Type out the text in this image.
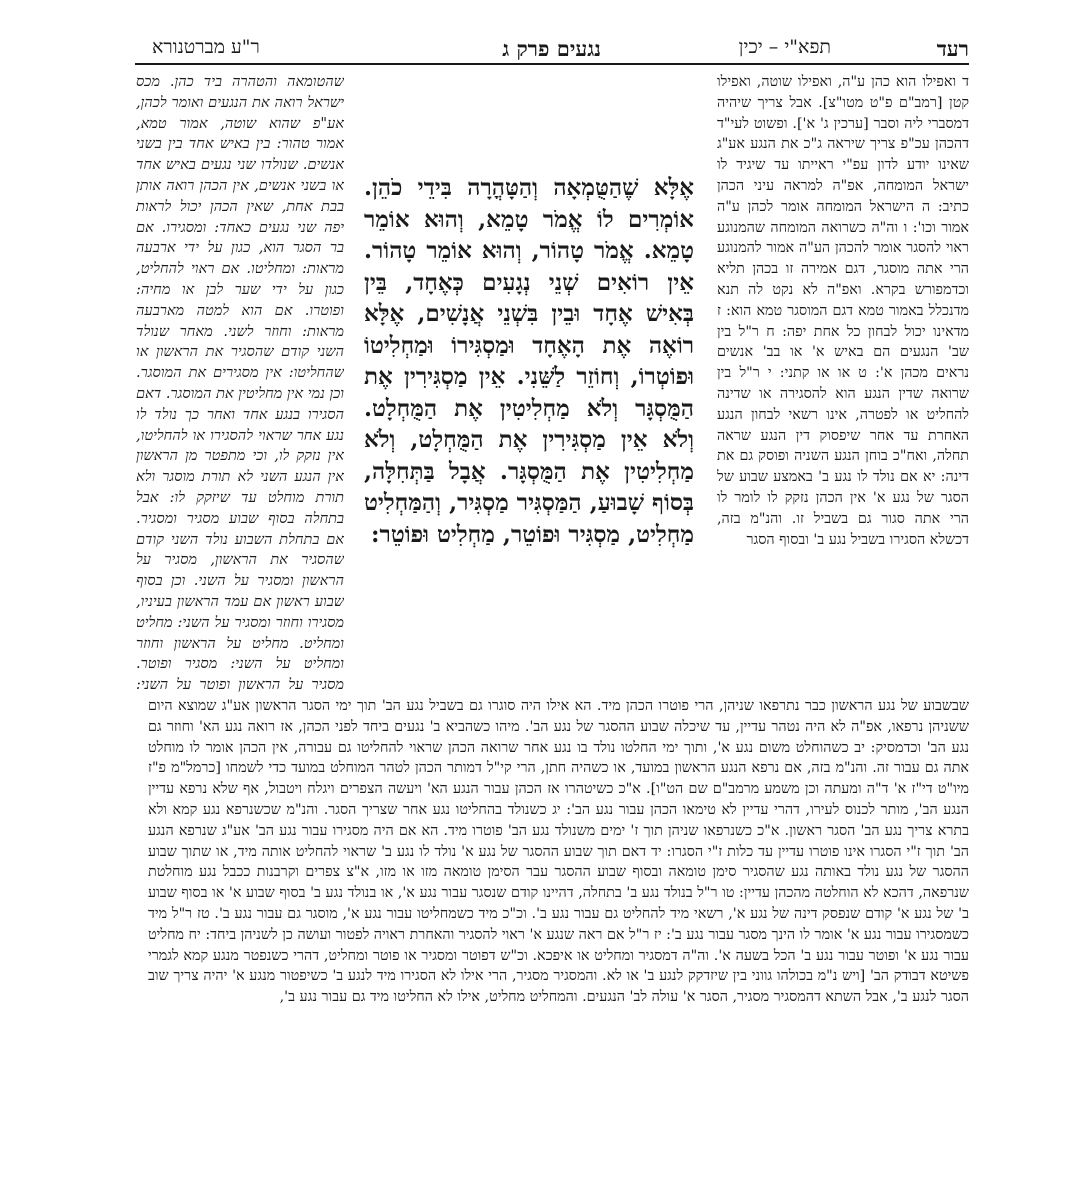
רעד
תפא"י – יכין
נגעים פרק ג
ר"ע מברטנורא

ד ואפילו הוא כהן ע"ה, ואפילו שוטה, ואפילו קטן [רמב"ם פ"ט מטו"צ]. אבל צריך שיהיה דמסברי ליה וסבר [ערכין ג' א']. ופשוט לעי"ד דהכהן עכ"פ צריך שיראה ג"כ את הנגע אע"ג שאינו יודע לדון עפ"י ראייתו עד שיגיד לו ישראל המומחה, אפ"ה למראה עיני הכהן כתיב: ה הישראל המומחה אומר לכהן ע"ה אמור וכו': ו וה"ה כשרואה המומחה שהמנוגע ראוי להסגר אומר להכהן הע"ה אמור להמנוגע הרי אתה מוסגר, דגם אמירה זו בכהן תליא וכדמפורש בקרא. ואפ"ה לא נקט לה תנא מדנכלל באמור טמא דגם המוסגר טמא הוא: ז מדאינו יכול לבחון כל אחת יפה: ח ר"ל בין שב' הנגעים הם באיש א' או בב' אנשים נראים מכהן א': ט או או קתני: י ר"ל בין שרואה שדין הנגע הוא להסגירה או שדינה להחליט או לפטרה, אינו רשאי לבחון הנגע האחרת עד אחר שיפסוק דין הנגע שראה תחלה, ואח"כ בוחן הנגע השניה ופוסק גם את דינה: יא אם נולד לו נגע ב' באמצע שבוע של הסגר של נגע א' אין הכהן נזקק לו לומר לו הרי אתה סגור גם בשביל זו. והנ"מ בזה, דכשלא הסגירו בשביל נגע ב' ובסוף הסגר

אֶלָּא שֶׁהַטֻּמְאָה וְהַטָּהֳרָה בִּידֵי כֹהֵן. אוֹמְרִים לוֹ אֱמֹר טָמֵא, וְהוּא אוֹמֵר טָמֵא. אֱמֹר טָהוֹר, וְהוּא אוֹמֵר טָהוֹר. אֵין רוֹאִים שְׁנֵי נְגָעִים כְּאֶחָד, בֵּין בְּאִישׁ אֶחָד וּבֵין בִּשְׁנֵי אֲנָשִׁים, אֶלָּא רוֹאֶה אֶת הָאֶחָד וּמַסְגִּירוֹ וּמַחְלִיטוֹ וּפוֹטְרוֹ, וְחוֹזֵר לַשֵּׁנִי. אֵין מַסְגִּירִין אֶת הַמֻּסְגָּר וְלֹא מַחְלִיטִין אֶת הַמֻּחְלָט. וְלֹא אֵין מַסְגִּירִין אֶת הַמֻּחְלָט, וְלֹא מַחְלִיטִין אֶת הַמֻּסְגָּר. אֲבָל בַּתְּחִלָּה, בְּסוֹף שָׁבוּעַ, הַמַּסְגִּיר מַסְגִּיר, וְהַמַּחְלִיט מַחְלִיט, מַסְגִּיר וּפוֹטֵר, מַחְלִיט וּפוֹטֵר:

שהטומאה והטהרה ביד כהן. מכס ישראל רואה את הנגעים ואומר לכהן, אע"פ שהוא שוטה, אמור טמא, אמור טהור: בין באיש אחד בין בשני אנשים. שנולדו שני נגעים באיש אחד או בשני אנשים, אין הכהן רואה אותן בבת אחת, שאין הכהן יכול לראות יפה שני נגעים כאחד: ומסגירו. אם בר הסגר הוא, כגון על ידי ארבעה מראות: ומחליטו. אם ראוי להחליט, כגון על ידי שער לבן או מחיה: ופוטרו. אם הוא למטה מארבעה מראות: וחוזר לשני. מאחר שנולד השני קודם שהסגיר את הראשון או שהחליטו: אין מסגירים את המוסגר. וכן נמי אין מחליטין את המוסגר. דאם הסגירו בנגע אחד ואחר כך נולד לו נגע אחר שראוי להסגירו או להחליטו, אין נזקק לו, וכי מתפטר מן הראשון אין הנגע השני לא תורת מוסגר ולא תורת מוחלט עד שיזקק לו: אבל בתחלה בסוף שבוע מסגיר ומסגיר. אם בתחלת השבוע נולד השני קודם שהסגיר את הראשון, מסגיר על הראשון ומסגיר על השני. וכן בסוף שבוע ראשון אם עמד הראשון בעיניו, מסגירו וחוזר ומסגיר על השני: מחליט ומחליט. מחליט על הראשון וחוזר ומחליט על השני: מסגיר ופוטר. מסגיר על הראשון ופוטר על השני:

שבשבוע של נגע הראשון כבר נתרפאו שניהן, הרי פוטרו הכהן מיד. הא אילו היה סוגרו גם בשביל נגע הב' תוך ימי הסגר הראשון אע"ג שמוצא היום ששניהן נרפאו, אפ"ה לא היה נטהר עדיין, עד שיכלה שבוע ההסגר של נגע הב'. מיהו כשהביא ב' נגעים ביחד לפני הכהן, אז רואה נגע הא' וחוזר גם נגע הב' וכדמסיק: יב כשהוחלט משום נגע א', ותוך ימי החלטו נולד בו נגע אחר שרואה הכהן שראוי להחליטו גם עבורה, אין הכהן אומר לו מוחלט אתה גם עבור זה. והנ"מ בזה, אם נרפא הנגע הראשון במועד, או כשהיה חתן, הרי קי"ל דמותר הכהן לטהר המוחלט במועד כדי לשמחו [כרמל"מ פ"ז מיו"ט די"ז א' ד"ה ומעתה וכן משמע מרמב"ם שם הט"ו]. א"כ כשיטהרו אז הכהן עבור הנגע הא' ויעשה הצפרים ויגלח ויטבול, אף שלא נרפא עדיין הנגע הב', מותר לכנוס לעירו, דהרי עדיין לא טימאו הכהן עבור נגע הב': יג כשנולד בהחליטו נגע אחר שצריך הסגר. והנ"מ שכשנרפא נגע קמא ולא בתרא צריך נגע הב' הסגר ראשון. א"כ כשנרפאו שניהן תוך ז' ימים משנולד נגע הב' פוטרו מיד. הא אם היה מסגירו עבור נגע הב' אע"ג שנרפא הנגע הב' תוך ז"י הסגרו אינו פוטרו עדיין עד כלות ז"י הסגרו: יד דאם תוך שבוע ההסגר של נגע א' נולד לו נגע ב' שראוי להחליט אותה מיד, או שתוך שבוע ההסגר של נגע נולד באותה נגע שהסגיר סימן טומאה ובסוף שבוע ההסגר עבר הסימן טומאה מזו או מזו, א"צ צפרים וקרבנות ככבל נגע מוחלטת שנרפאה, דהכא לא הוחלטה מהכהן עדיין: טו ר"ל בנולד נגע ב' בתחלה, דהיינו קודם שנסגר עבור נגע א', או בנולד נגע ב' בסוף שבוע א' או בסוף שבוע ב' של נגע א' קודם שנפסק דינה של נגע א', רשאי מיד להחליט גם עבור נגע ב'. וכ"כ מיד כשמחליטו עבור נגע א', מוסגר גם עבור נגע ב'. טז ר"ל מיד כשמסגירו עבור נגע א' אומר לו הינך מסגר עבור נגע ב': יז ר"ל אם ראה שנגע א' ראוי להסגיר והאחרת ראויה לפטור ועושה כן לשניהן ביחד: יח מחליט עבור נגע א' ופוטר עבור נגע ב' הכל בשעה א'. וה"ה דמסגיר ומחליט או איפכא. וכ"ש דפוטר ומסגיר או פוטר ומחליט, דהרי כשנפטר מנגע קמא לגמרי פשיטא דבודק הב' [ויש נ"מ בכולהו גווני בין שיזדקק לנגע ב' או לא. והמסגיר מסגיר, הרי אילו לא הסגירו מיד לנגע ב' כשיפטור מנגע א' יהיה צריך שוב הסגר לנגע ב', אבל השתא דהמסגיר מסגיר, הסגר א' עולה לב' הנגעים. והמחליט מחליט, אילו לא החליטו מיד גם עבור נגע ב',
